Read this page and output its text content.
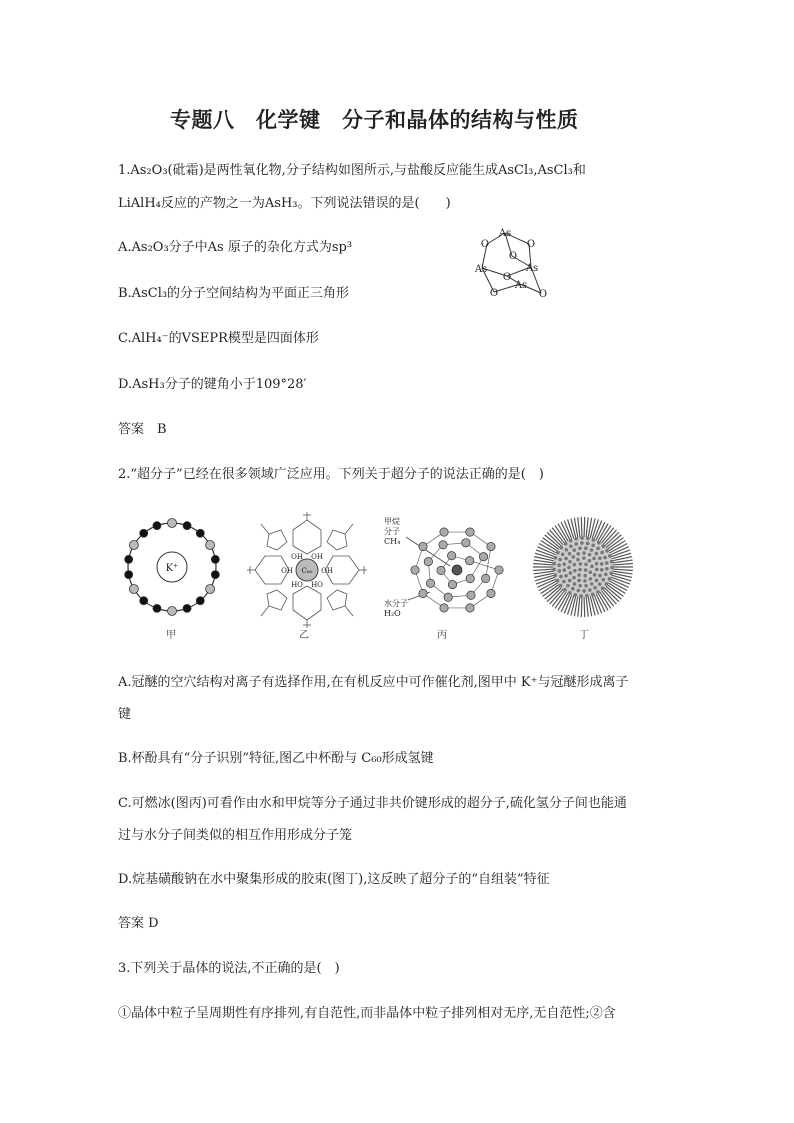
专题八　化学键　分子和晶体的结构与性质
1.As₂O₃(砒霜)是两性氧化物,分子结构如图所示,与盐酸反应能生成AsCl₃,AsCl₃和
LiAlH₄反应的产物之一为AsH₃。下列说法错误的是(　　)
A.As₂O₃分子中As 原子的杂化方式为sp³
B.AsCl₃的分子空间结构为平面正三角形
C.AlH₄⁻的VSEPR模型是四面体形
D.AsH₃分子的键角小于109°28′
答案　B
As
O	O
O
As	As
O
As
O	O
2.“超分子”已经在很多领域广泛应用。下列关于超分子的说法正确的是(　)
K⁺
甲
C₆₀
OH OH
OH	OH
HO HO
乙
甲烷
分子
CH₄
水分子
H₂O
丙	丁
A.冠醚的空穴结构对离子有选择作用,在有机反应中可作催化剂,图甲中 K⁺与冠醚形成离子
键
B.杯酚具有“分子识别”特征,图乙中杯酚与 C₆₀形成氢键
C.可燃冰(图丙)可看作由水和甲烷等分子通过非共价键形成的超分子,硫化氢分子间也能通
过与水分子间类似的相互作用形成分子笼
D.烷基磺酸钠在水中聚集形成的胶束(图丁),这反映了超分子的“自组装”特征
答案 D
3.下列关于晶体的说法,不正确的是(　)
①晶体中粒子呈周期性有序排列,有自范性,而非晶体中粒子排列相对无序,无自范性;②含
